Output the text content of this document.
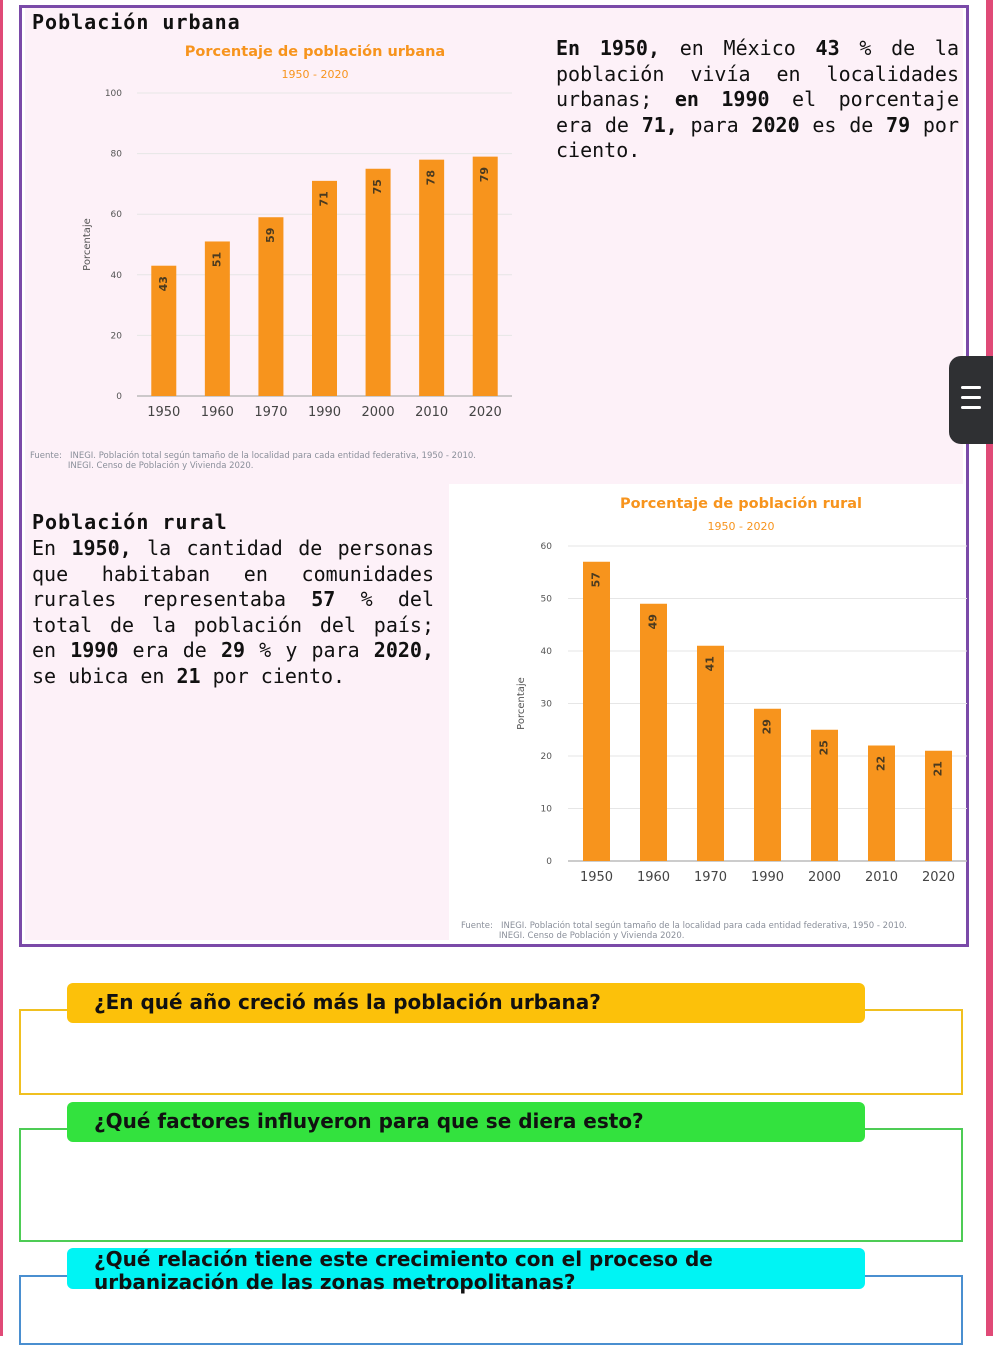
Población urbana
Porcentaje de población urbana
1950 - 2020
0
20
40
60
80
100
Porcentaje
43
1950
51
1960
59
1970
71
1990
75
2000
78
2010
79
2020
Fuente:   INEGI. Población total según tamaño de la localidad para cada entidad federativa, 1950 - 2010.
INEGI. Censo de Población y Vivienda 2020.
En 1950, en México 43 % de la población vivía en localidades urbanas; en 1990 el porcentaje era de 71, para 2020 es de 79 por ciento.
Población rural
En 1950, la cantidad de personas que habitaban en comunidades rurales representaba 57 % del total de la población del país; en 1990 era de 29 % y para 2020, se ubica en 21 por ciento.
Porcentaje de población rural
1950 - 2020
0
10
20
30
40
50
60
Porcentaje
57
1950
49
1960
41
1970
29
1990
25
2000
22
2010
21
2020
Fuente:   INEGI. Población total según tamaño de la localidad para cada entidad federativa, 1950 - 2010.
INEGI. Censo de Población y Vivienda 2020.
¿En qué año creció más la población urbana?
¿Qué factores influyeron para que se diera esto?
¿Qué relación tiene este crecimiento con el proceso de
urbanización de las zonas metropolitanas?
